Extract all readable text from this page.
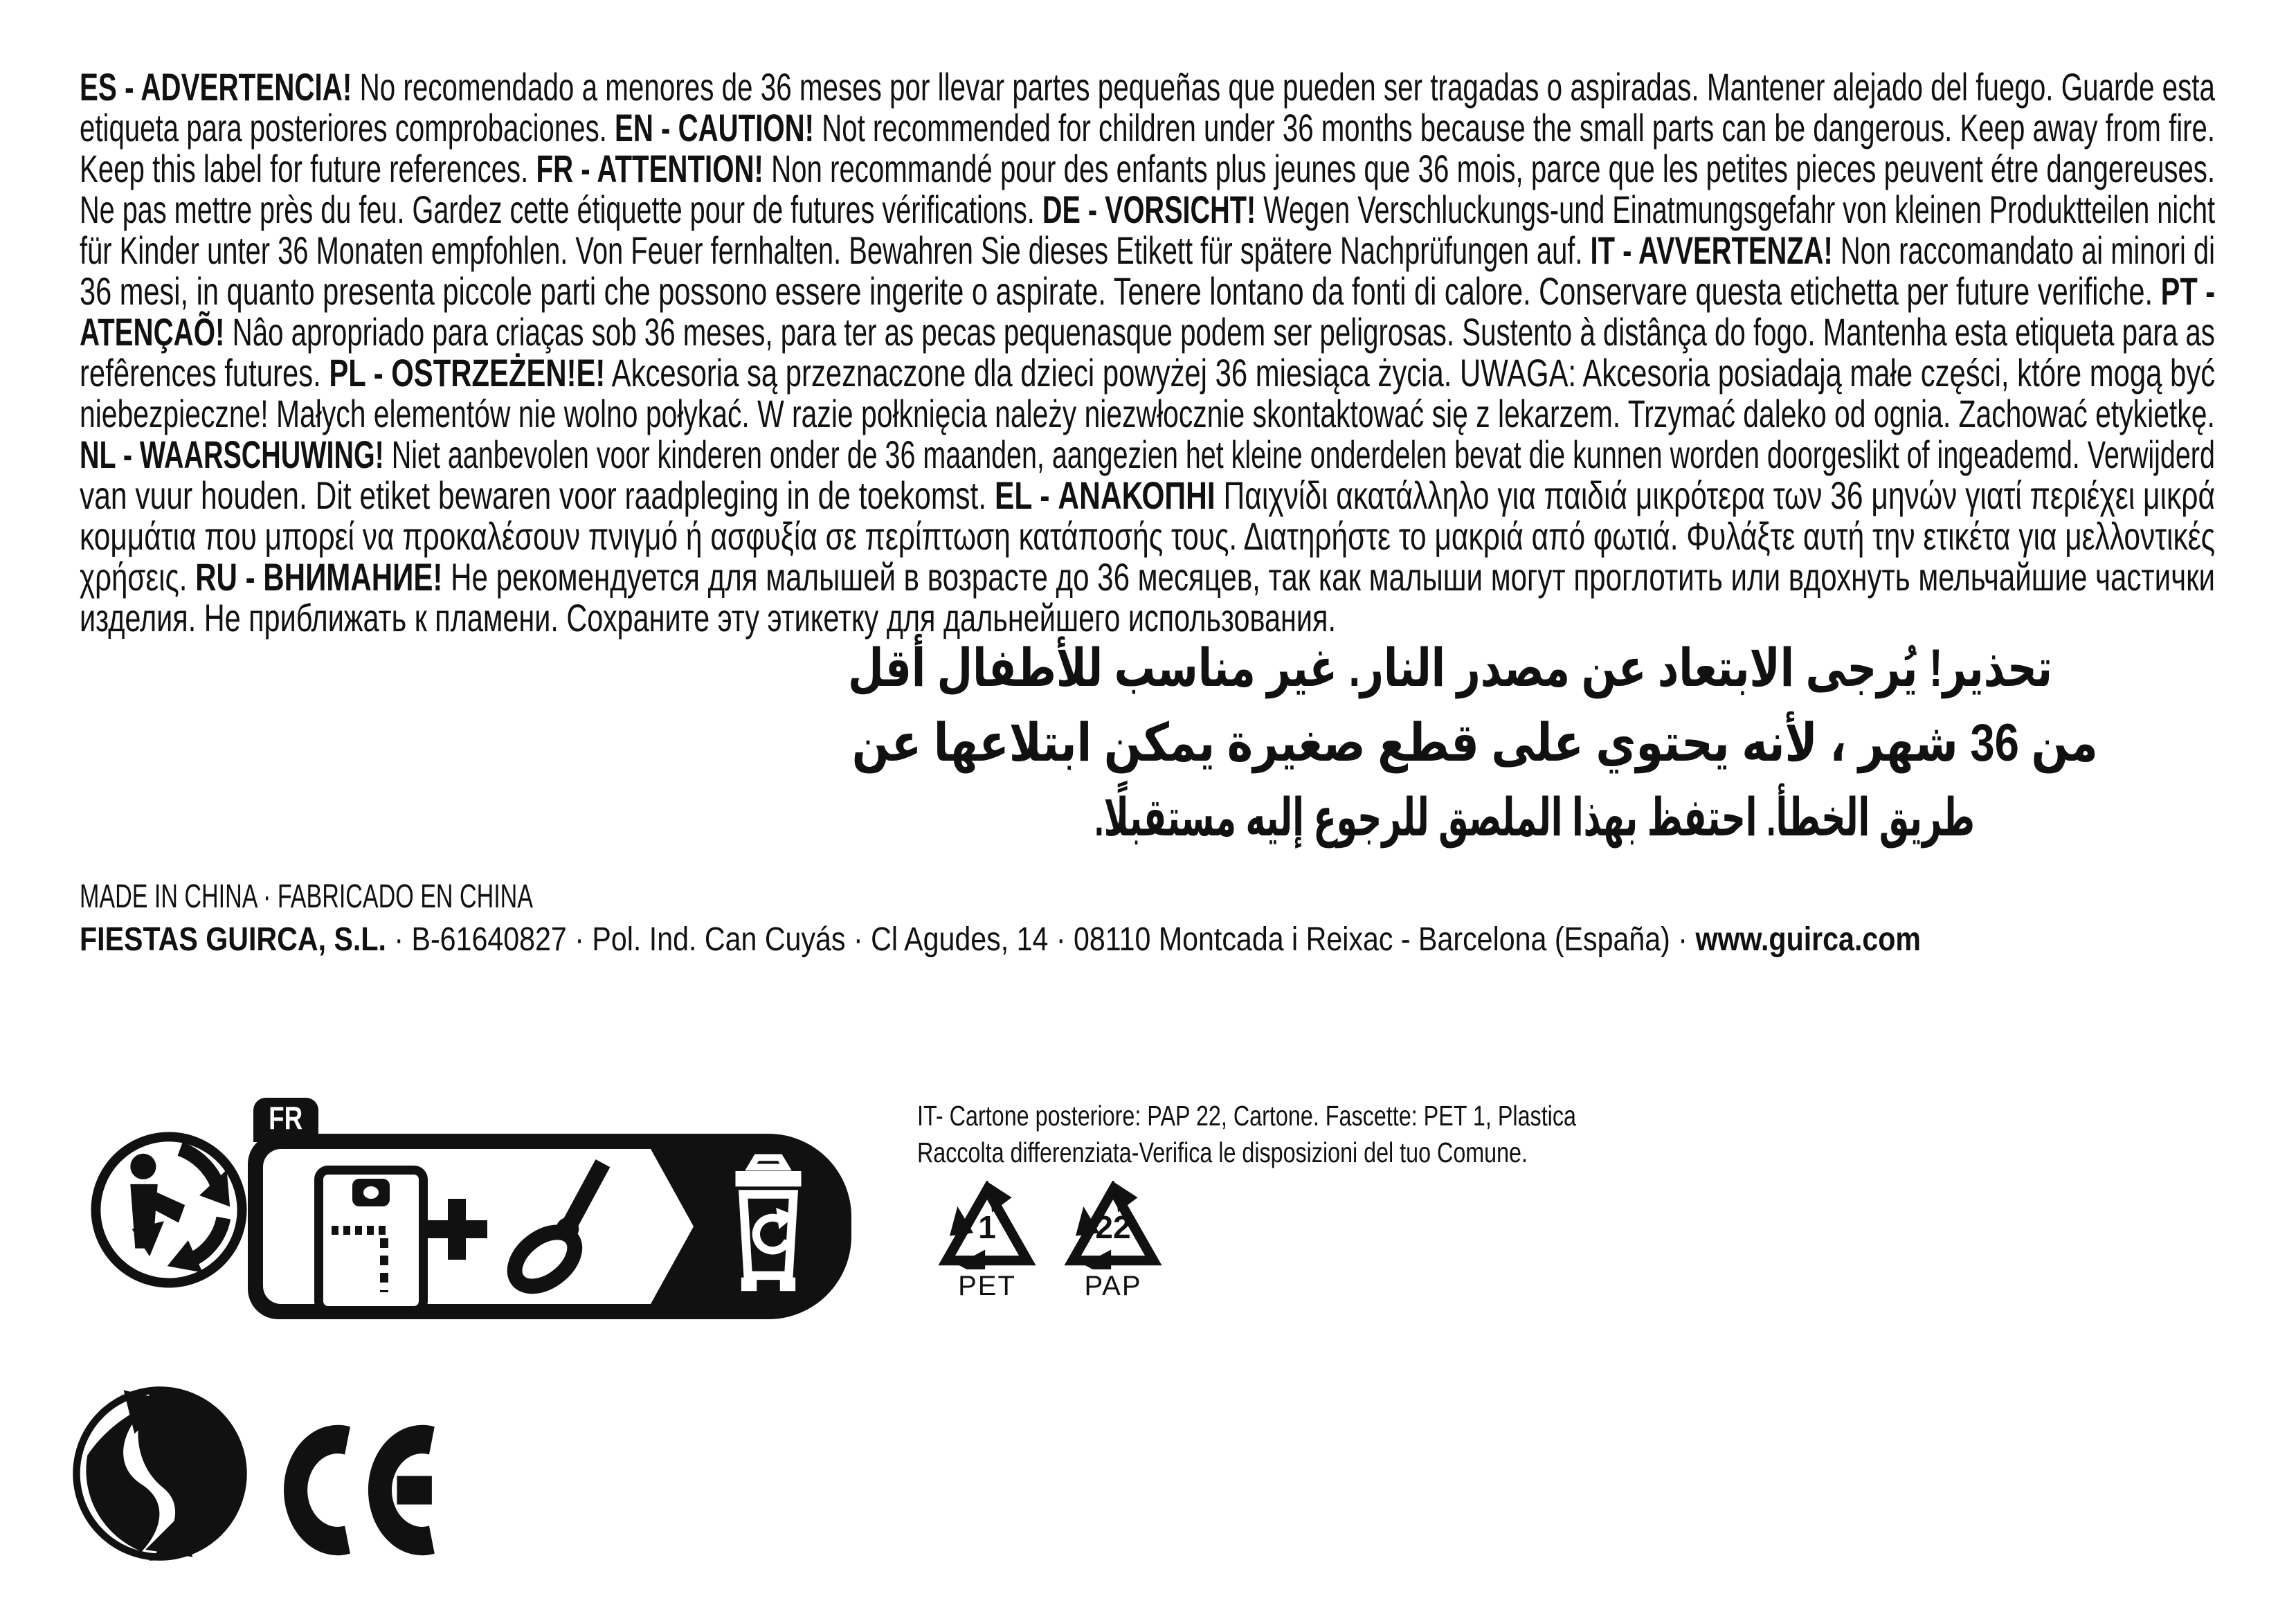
ES - ADVERTENCIA! No recomendado a menores de 36 meses por llevar partes pequeñas que pueden ser tragadas o aspiradas. Mantener alejado del fuego. Guarde esta
etiqueta para posteriores comprobaciones. EN - CAUTION! Not recommended for children under 36 months because the small parts can be dangerous. Keep away from fire.
Keep this label for future references. FR - ATTENTION! Non recommandé pour des enfants plus jeunes que 36 mois, parce que les petites pieces peuvent étre dangereuses.
Ne pas mettre près du feu. Gardez cette étiquette pour de futures vérifications. DE - VORSICHT! Wegen Verschluckungs-und Einatmungsgefahr von kleinen Produktteilen nicht
für Kinder unter 36 Monaten empfohlen. Von Feuer fernhalten. Bewahren Sie dieses Etikett für spätere Nachprüfungen auf. IT - AVVERTENZA! Non raccomandato ai minori di
36 mesi, in quanto presenta piccole parti che possono essere ingerite o aspirate. Tenere lontano da fonti di calore. Conservare questa etichetta per future verifiche. PT -
ATENÇAÕ! Nâo apropriado para criaças sob 36 meses, para ter as pecas pequenasque podem ser peligrosas. Sustento à distânça do fogo. Mantenha esta etiqueta para as
refêrences futures. PL - OSTRZEŻEN!E! Akcesoria są przeznaczone dla dzieci powyżej 36 miesiąca życia. UWAGA: Akcesoria posiadają małe części, które mogą być
niebezpieczne! Małych elementów nie wolno połykać. W razie połknięcia należy niezwłocznie skontaktować się z lekarzem. Trzymać daleko od ognia. Zachować etykietkę.
NL - WAARSCHUWING! Niet aanbevolen voor kinderen onder de 36 maanden, aangezien het kleine onderdelen bevat die kunnen worden doorgeslikt of ingeademd. Verwijderd
van vuur houden. Dit etiket bewaren voor raadpleging in de toekomst. EL - ΑΝΑΚΟΠΗΙ Παιχνίδι ακατάλληλο για παιδιά μικρότερα των 36 μηνών γιατί περιέχει μικρά
κομμάτια που μπορεί να προκαλέσουν πνιγμό ή ασφυξία σε περίπτωση κατάποσής τους. Διατηρήστε το μακριά από φωτιά. Φυλάξτε αυτή την ετικέτα για μελλοντικές
χρήσεις. RU - ВНИМАНИЕ! Не рекомендуется для малышей в возрасте до 36 месяцев, так как малыши могут проглотить или вдохнуть мельчайшие частички
изделия. Не приближать к пламени. Сохраните эту этикетку для дальнейшего использования.
تحذير! يُرجى الابتعاد عن مصدر النار. غير مناسب للأطفال أقل
من 36 شهر ، لأنه يحتوي على قطع صغيرة يمكن ابتلاعها عن
طريق الخطأ. احتفظ بهذا الملصق للرجوع إليه مستقبلًا.
MADE IN CHINA · FABRICADO EN CHINA
FIESTAS GUIRCA, S.L. · B-61640827 · Pol. Ind. Can Cuyás · Cl Agudes, 14 · 08110 Montcada i Reixac - Barcelona (España) · www.guirca.com
IT- Cartone posteriore: PAP 22, Cartone. Fascette: PET 1, Plastica
Raccolta differenziata-Verifica le disposizioni del tuo Comune.
FR
1
PET
22
PAP
